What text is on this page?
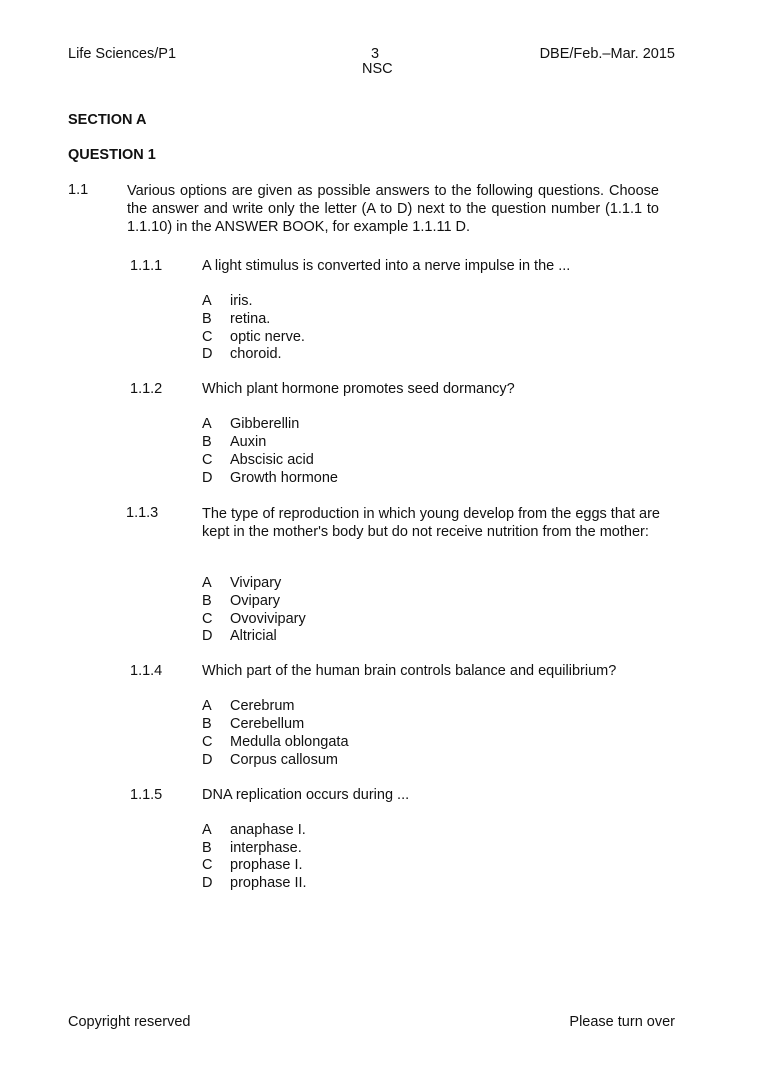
Life Sciences/P1	3
NSC
DBE/Feb.–Mar. 2015
SECTION A
QUESTION 1
1.1	Various options are given as possible answers to the following questions. Choose the answer and write only the letter (A to D) next to the question number (1.1.1 to 1.1.10) in the ANSWER BOOK, for example 1.1.11 D.
1.1.1	A light stimulus is converted into a nerve impulse in the ...
A iris.
B retina.
C optic nerve.
D choroid.
1.1.2	Which plant hormone promotes seed dormancy?
A Gibberellin
B Auxin
C Abscisic acid
D Growth hormone
1.1.3	The type of reproduction in which young develop from the eggs that are kept in the mother's body but do not receive nutrition from the mother:
A Vivipary
B Ovipary
C Ovovivipary
D Altricial
1.1.4	Which part of the human brain controls balance and equilibrium?
A Cerebrum
B Cerebellum
C Medulla oblongata
D Corpus callosum
1.1.5	DNA replication occurs during ...
A anaphase I.
B interphase.
C prophase I.
D prophase II.
Copyright reserved	Please turn over
